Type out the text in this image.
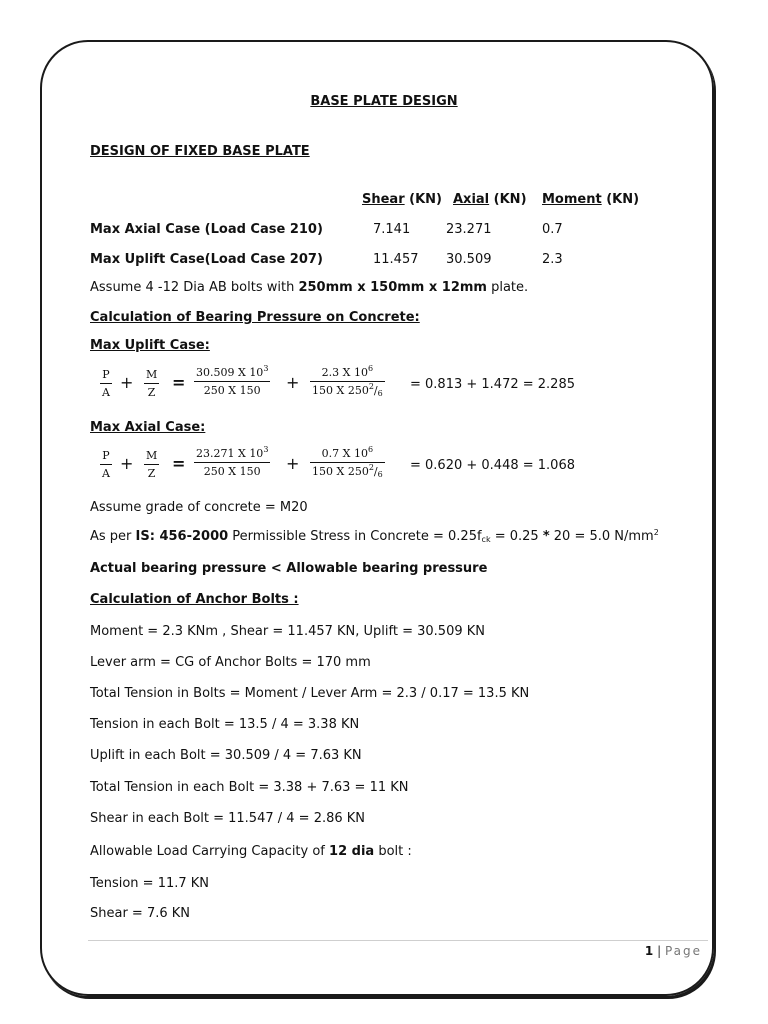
BASE PLATE DESIGN
DESIGN OF FIXED BASE PLATE
Shear (KN) Axial (KN) Moment (KN)
Max Axial Case (Load Case 210)	7.141	23.271	0.7
Max Uplift Case(Load Case 207)	11.457 30.509	2.3
Assume 4 -12 Dia AB bolts with 250mm x 150mm x 12mm plate.
Calculation of Bearing Pressure on Concrete:
Max Uplift Case:
$\frac{P}{A} + \frac{M}{Z} = \frac{30.509 X 10^3}{250 X 150} + \frac{2.3 X 10^6}{150 X 250^2/_6} = 0.813 + 1.472 = 2.285$
Max Axial Case:
$\frac{P}{A} + \frac{M}{Z} = \frac{23.271 X 10^3}{250 X 150} + \frac{0.7 X 10^6}{150 X 250^2/_6} = 0.620 + 0.448 = 1.068$
Assume grade of concrete = M20
As per IS: 456-2000 Permissible Stress in Concrete = $0.25f_{ck} = 0.25 * 20 = 5.0$ $N/mm^2$
Actual bearing pressure < Allowable bearing pressure
Calculation of Anchor Bolts :
Moment = 2.3 KNm , Shear = 11.457 KN, Uplift = 30.509 KN
Lever arm = CG of Anchor Bolts = 170 mm
Total Tension in Bolts = Moment / Lever Arm = 2.3 / 0.17 = 13.5 KN
Tension in each Bolt = 13.5 / 4 = 3.38 KN
Uplift in each Bolt = 30.509 / 4 = 7.63 KN
Total Tension in each Bolt = 3.38 + 7.63 = 11 KN
Shear in each Bolt = 11.547 / 4 = 2.86 KN
Allowable Load Carrying Capacity of 12 dia bolt :
Tension = 11.7 KN
Shear = 7.6 KN
1 | Page
